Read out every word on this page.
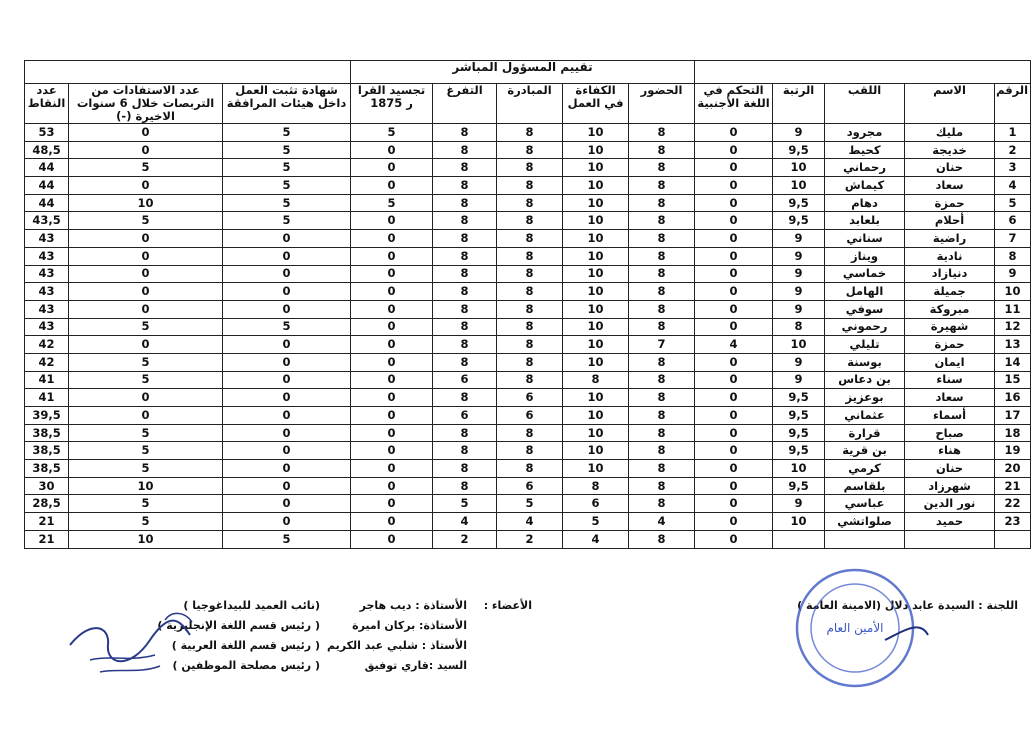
					تقييم المسؤول المباشر							
الرقم	الاسم	اللقب	الرتبة	التحكم في اللغة الأجنبية	الحضور	الكفاءة في العمل	المبادرة	التفرغ	تجسيد القرا ر 1875	شهادة تثبت العمل داخل هيئات المرافقة	عدد الاستفادات من التربصات خلال 6 سنوات الاخيرة (-)	عدد النقاط
1	مليك	مجرود	9	0	8	10	8	8	5	5	0	53
2	خديجة	كحيط	9,5	0	8	10	8	8	0	5	0	48,5
3	حنان	رحماني	10	0	8	10	8	8	0	5	5	44
4	سعاد	كيماش	10	0	8	10	8	8	0	5	0	44
5	حمزة	دهام	9,5	0	8	10	8	8	5	5	10	44
6	أحلام	بلعابد	9,5	0	8	10	8	8	0	5	5	43,5
7	راضية	سناني	9	0	8	10	8	8	0	0	0	43
8	نادية	ويناز	9	0	8	10	8	8	0	0	0	43
9	دنيازاد	خماسي	9	0	8	10	8	8	0	0	0	43
10	جميلة	الهامل	9	0	8	10	8	8	0	0	0	43
11	مبروكة	سوفي	9	0	8	10	8	8	0	0	0	43
12	شهيرة	رحموني	8	0	8	10	8	8	0	5	5	43
13	حمزة	تليلي	10	4	7	10	8	8	0	0	0	42
14	ايمان	بوسنة	9	0	8	10	8	8	0	0	5	42
15	سناء	بن دعاس	9	0	8	8	8	6	0	0	5	41
16	سعاد	بوعزيز	9,5	0	8	10	6	8	0	0	0	41
17	أسماء	عثماني	9,5	0	8	10	6	6	0	0	0	39,5
18	صباح	قرارة	9,5	0	8	10	8	8	0	0	5	38,5
19	هناء	بن قرية	9,5	0	8	10	8	8	0	0	5	38,5
20	حنان	كرمي	10	0	8	10	8	8	0	0	5	38,5
21	شهرزاد	بلقاسم	9,5	0	8	8	6	8	0	0	10	30
22	نور الدين	عباسي	9	0	8	6	5	5	0	0	5	28,5
23	حميد	صلواتشي	10	0	4	5	4	4	0	0	5	21
				0	8	4	2	2	0	5	10	21
اللجنة : السيدة عابد دلال (الامينة العامة )
الأعضاء :
الأستاذة : ديب هاجر
(نائب العميد للبيداغوجيا )
الأستاذة: بركان اميرة
( رئيس قسم اللغة الإنجليزية )
الأستاذ : شلبي عبد الكريم
( رئيس قسم اللغة العربية )
السيد :قاري توفيق
( رئيس مصلحة الموظفين )
الأمين العام
